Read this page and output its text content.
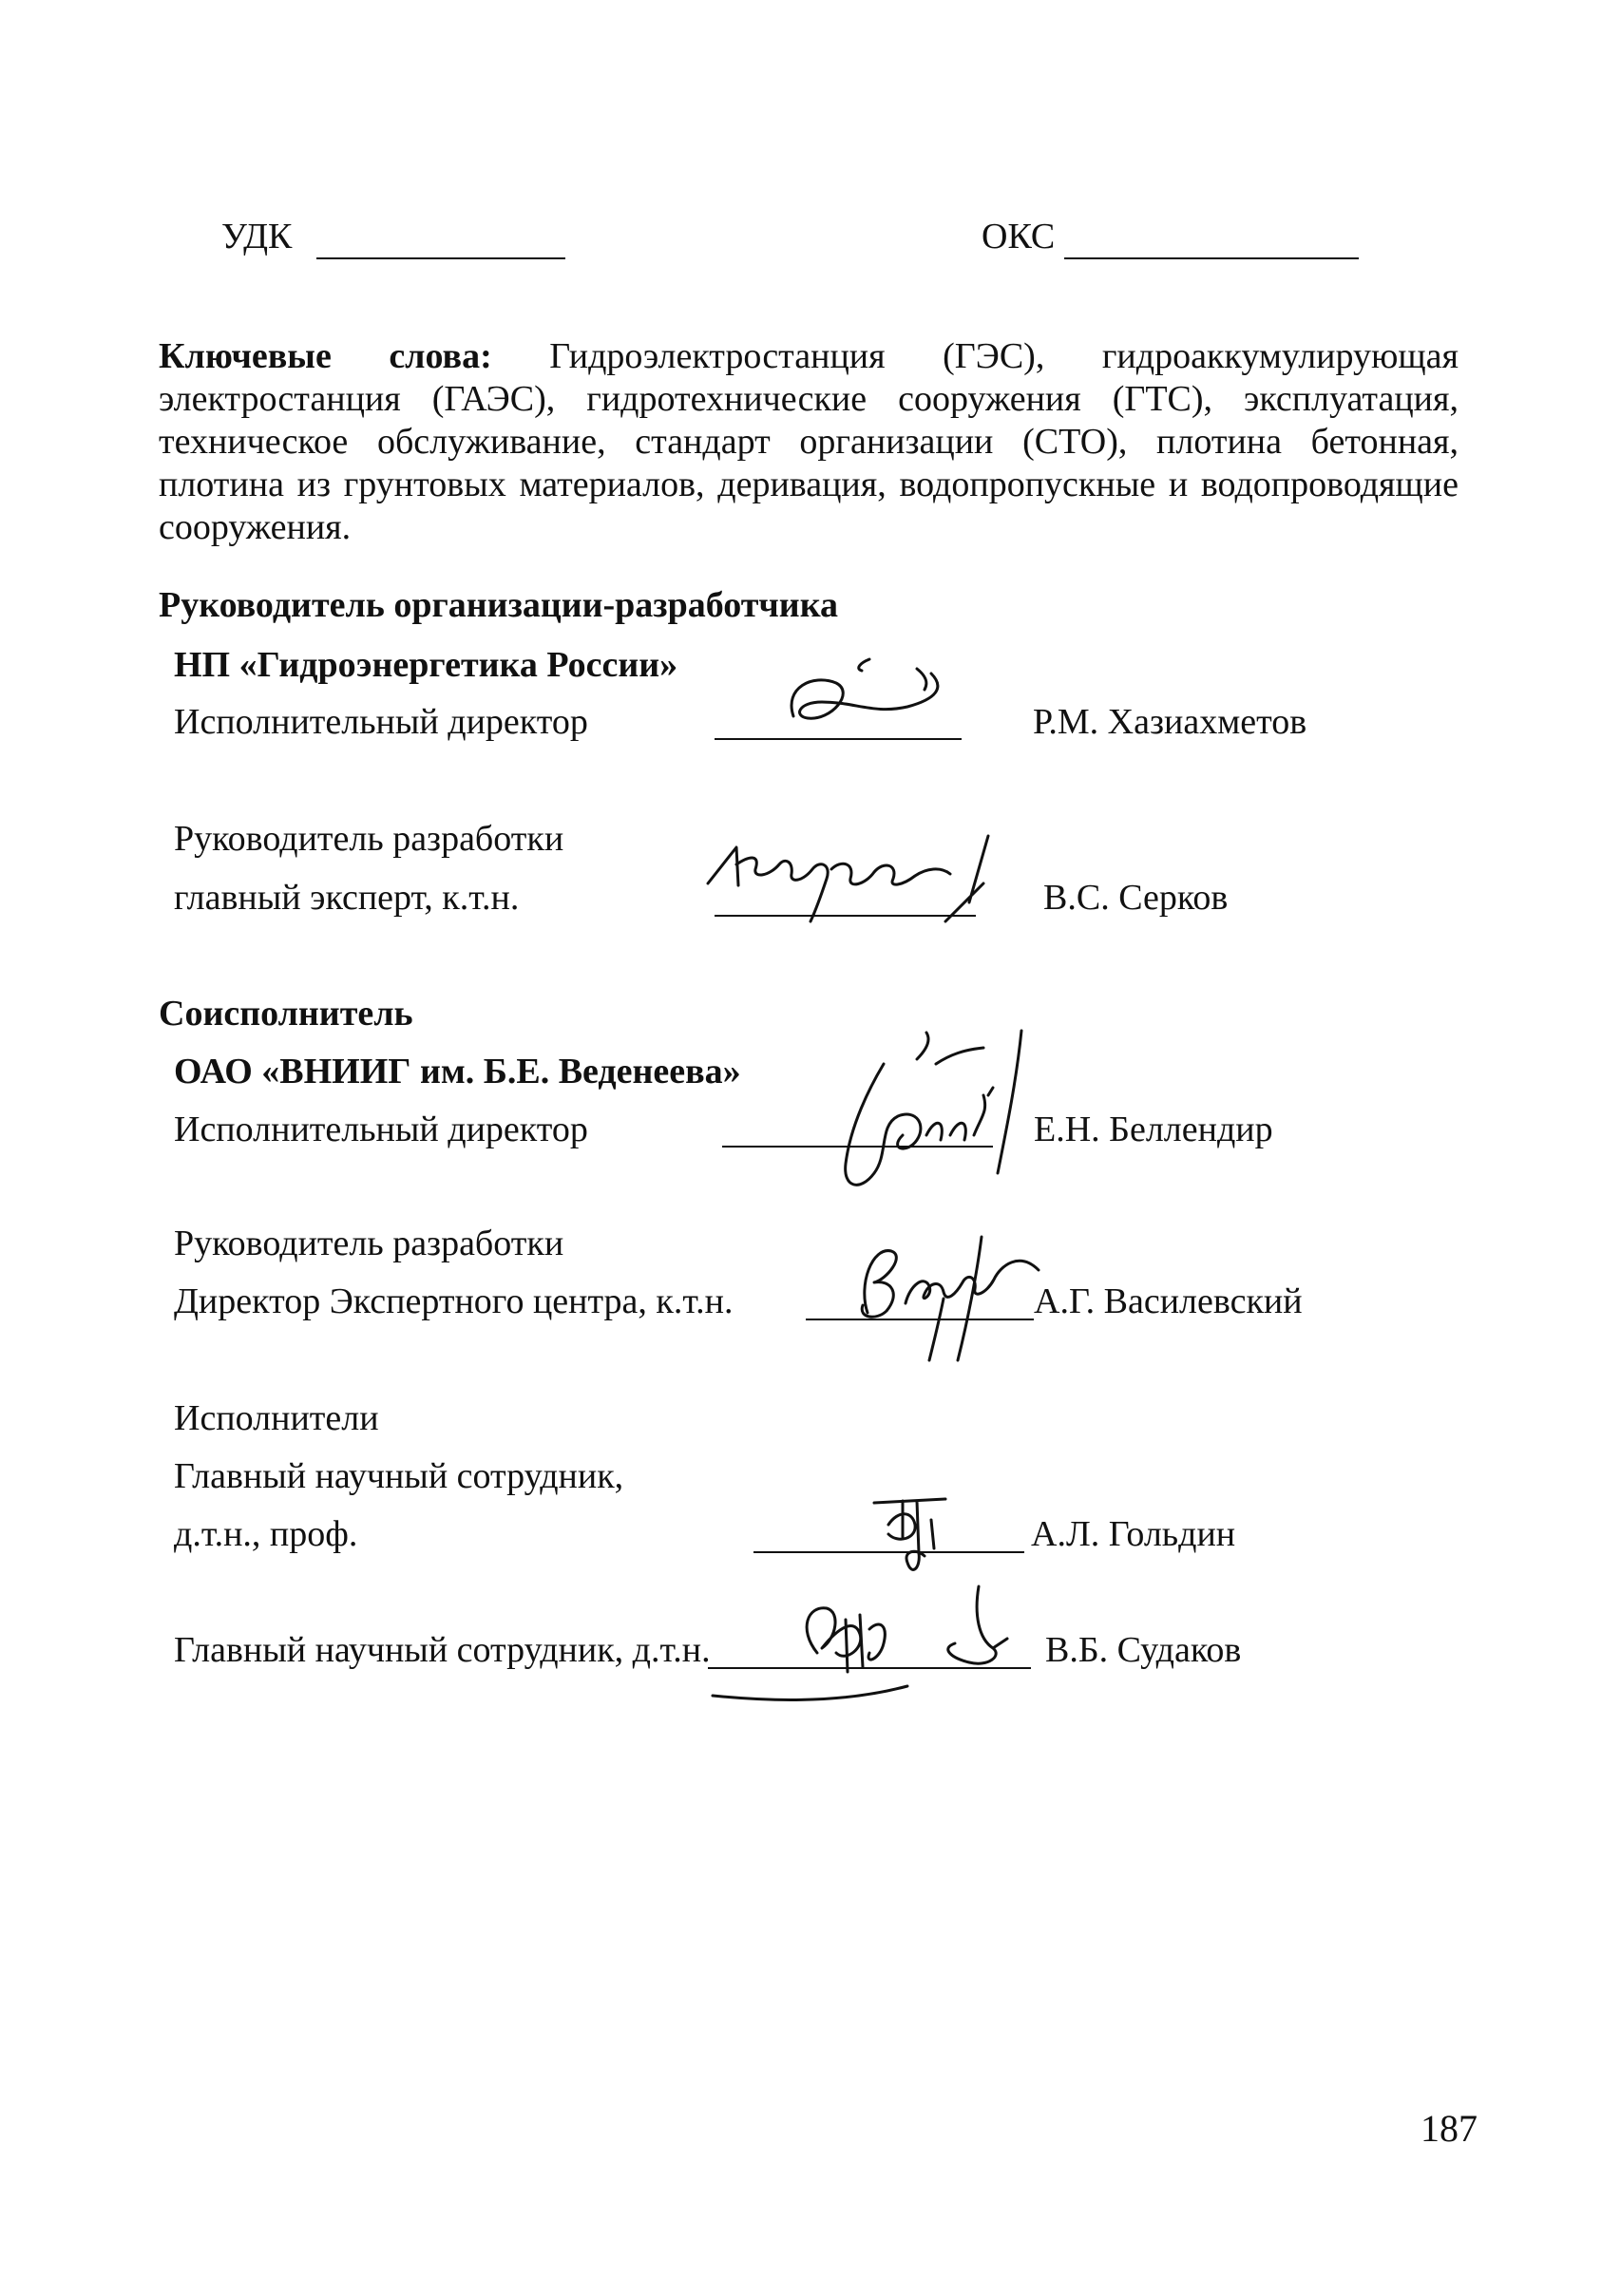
УДК	ОКС
Ключевые слова: Гидроэлектростанция (ГЭС), гидроаккумулирующая электростанция (ГАЭС), гидротехнические сооружения (ГТС), эксплуатация, техническое обслуживание, стандарт организации (СТО), плотина бетонная, плотина из грунтовых материалов, деривация, водопропускные и водопроводящие сооружения.
Руководитель организации-разработчика
НП «Гидроэнергетика России»
Исполнительный директор	Р.М. Хазиахметов
Руководитель разработки
главный эксперт, к.т.н.	В.С. Серков
Соисполнитель
ОАО «ВНИИГ им. Б.Е. Веденеева»
Исполнительный директор	Е.Н. Беллендир
Руководитель разработки
Директор Экспертного центра, к.т.н.	А.Г. Василевский
Исполнители
Главный научный сотрудник,
д.т.н., проф.	А.Л. Гольдин
Главный научный сотрудник, д.т.н.	В.Б. Судаков
187
